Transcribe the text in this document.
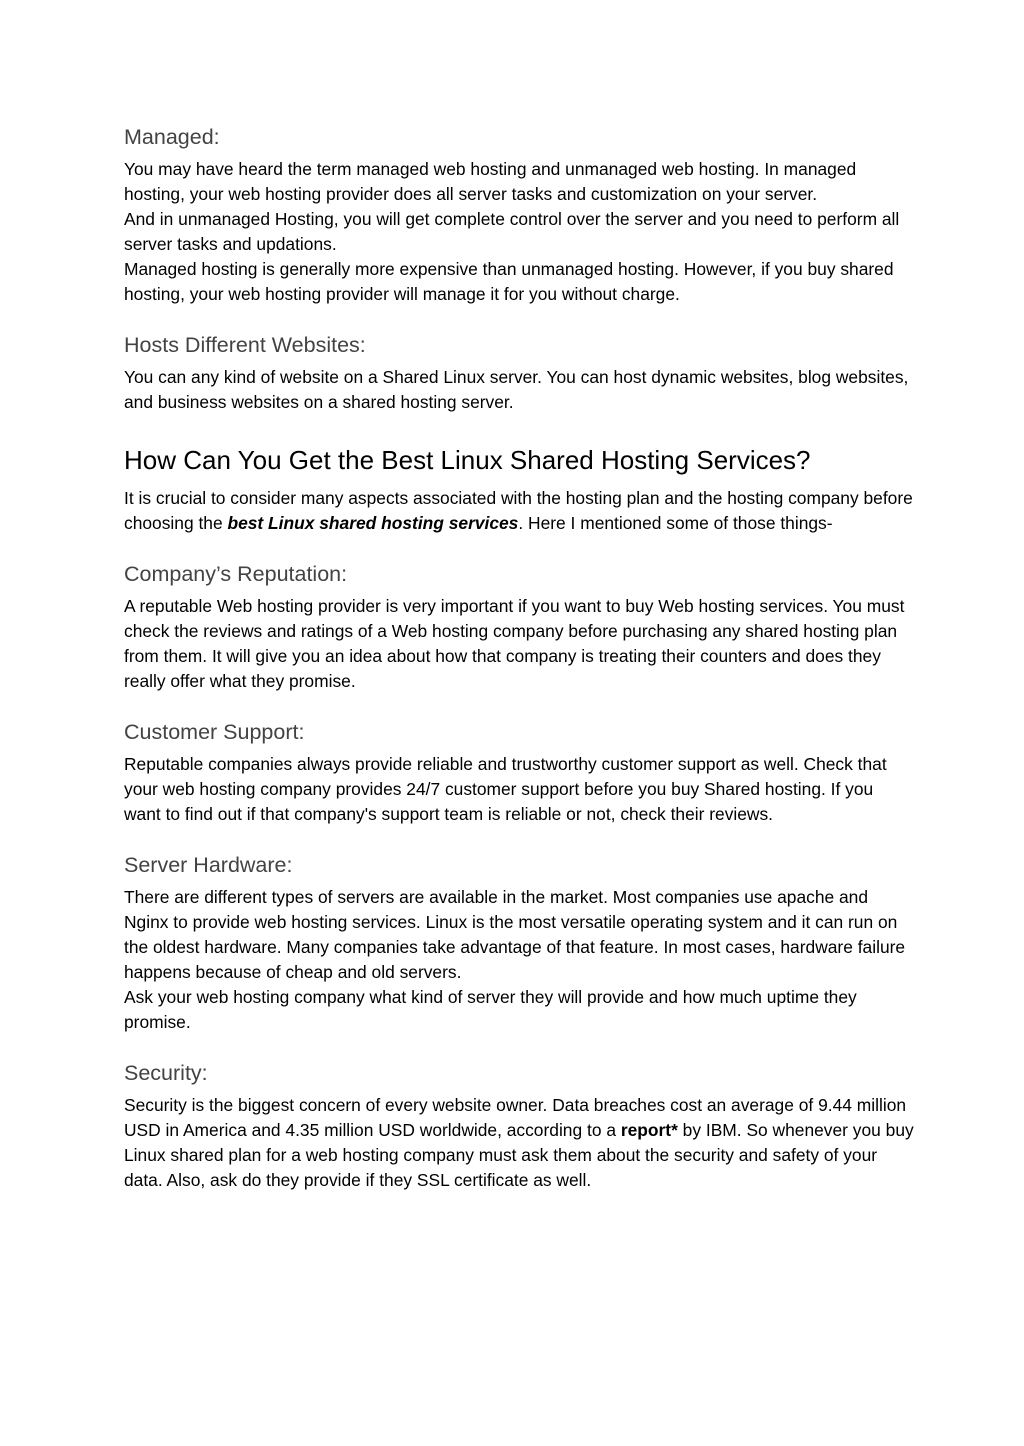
Managed:

You may have heard the term managed web hosting and unmanaged web hosting. In managed hosting, your web hosting provider does all server tasks and customization on your server.

And in unmanaged Hosting, you will get complete control over the server and you need to perform all server tasks and updations.

Managed hosting is generally more expensive than unmanaged hosting. However, if you buy shared hosting, your web hosting provider will manage it for you without charge.

Hosts Different Websites:

You can any kind of website on a Shared Linux server. You can host dynamic websites, blog websites, and business websites on a shared hosting server.

How Can You Get the Best Linux Shared Hosting Services?

It is crucial to consider many aspects associated with the hosting plan and the hosting company before choosing the best Linux shared hosting services. Here I mentioned some of those things-

Company’s Reputation:

A reputable Web hosting provider is very important if you want to buy Web hosting services. You must check the reviews and ratings of a Web hosting company before purchasing any shared hosting plan from them. It will give you an idea about how that company is treating their counters and does they really offer what they promise.

Customer Support:

Reputable companies always provide reliable and trustworthy customer support as well. Check that your web hosting company provides 24/7 customer support before you buy Shared hosting. If you want to find out if that company's support team is reliable or not, check their reviews.

Server Hardware:

There are different types of servers are available in the market. Most companies use apache and Nginx to provide web hosting services. Linux is the most versatile operating system and it can run on the oldest hardware. Many companies take advantage of that feature. In most cases, hardware failure happens because of cheap and old servers.

Ask your web hosting company what kind of server they will provide and how much uptime they promise.

Security:

Security is the biggest concern of every website owner. Data breaches cost an average of 9.44 million USD in America and 4.35 million USD worldwide, according to a report* by IBM. So whenever you buy Linux shared plan for a web hosting company must ask them about the security and safety of your data. Also, ask do they provide if they SSL certificate as well.
